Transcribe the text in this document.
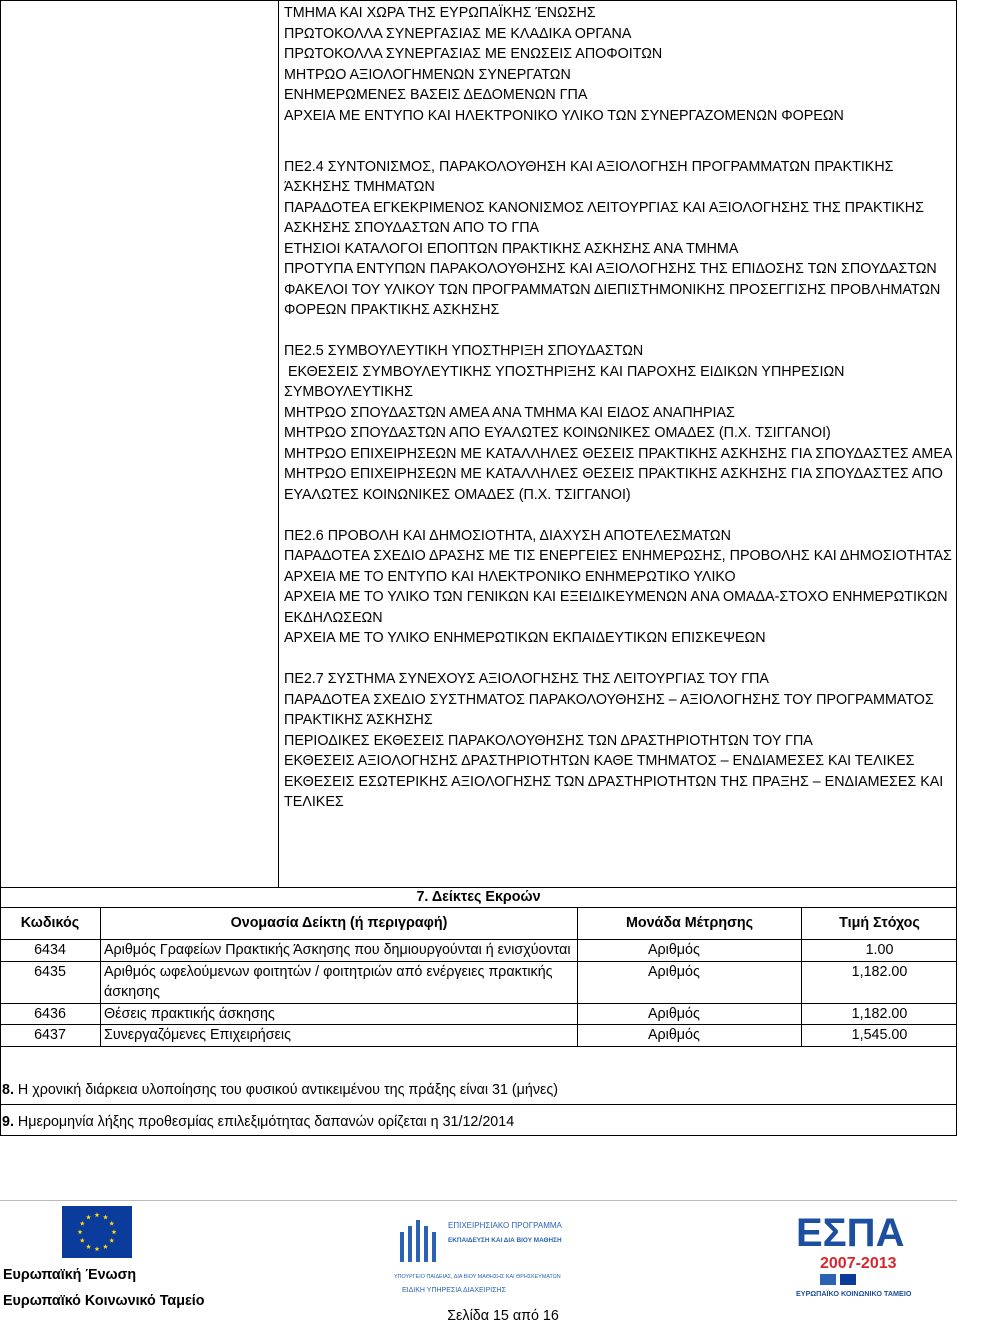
ΤΜΗΜΑ ΚΑΙ ΧΩΡΑ ΤΗΣ ΕΥΡΩΠΑΪΚΗΣ ΈΝΩΣΗΣ

ΠΡΩΤΟΚΟΛΛΑ ΣΥΝΕΡΓΑΣΙΑΣ ΜΕ ΚΛΑΔΙΚΑ ΟΡΓΑΝΑ

ΠΡΩΤΟΚΟΛΛΑ ΣΥΝΕΡΓΑΣΙΑΣ ΜΕ ΕΝΩΣΕΙΣ ΑΠΟΦΟΙΤΩΝ

ΜΗΤΡΩΟ ΑΞΙΟΛΟΓΗΜΕΝΩΝ ΣΥΝΕΡΓΑΤΩΝ

ΕΝΗΜΕΡΩΜΕΝΕΣ ΒΑΣΕΙΣ ΔΕΔΟΜΕΝΩΝ ΓΠΑ

ΑΡΧΕΙΑ ΜΕ ΕΝΤΥΠΟ ΚΑΙ ΗΛΕΚΤΡΟΝΙΚΟ ΥΛΙΚΟ ΤΩΝ ΣΥΝΕΡΓΑΖΟΜΕΝΩΝ ΦΟΡΕΩΝ

ΠΕ2.4 ΣΥΝΤΟΝΙΣΜΟΣ, ΠΑΡΑΚΟΛΟΥΘΗΣΗ ΚΑΙ ΑΞΙΟΛΟΓΗΣΗ ΠΡΟΓΡΑΜΜΑΤΩΝ ΠΡΑΚΤΙΚΗΣ ΆΣΚΗΣΗΣ ΤΜΗΜΑΤΩΝ

ΠΑΡΑΔΟΤΕΑ ΕΓΚΕΚΡΙΜΕΝΟΣ ΚΑΝΟΝΙΣΜΟΣ ΛΕΙΤΟΥΡΓΙΑΣ ΚΑΙ ΑΞΙΟΛΟΓΗΣΗΣ ΤΗΣ ΠΡΑΚΤΙΚΗΣ ΑΣΚΗΣΗΣ ΣΠΟΥΔΑΣΤΩΝ ΑΠΟ ΤΟ ΓΠΑ

ΕΤΗΣΙΟΙ ΚΑΤΑΛΟΓΟΙ ΕΠΟΠΤΩΝ ΠΡΑΚΤΙΚΗΣ ΑΣΚΗΣΗΣ ΑΝΑ ΤΜΗΜΑ

ΠΡΟΤΥΠΑ ΕΝΤΥΠΩΝ ΠΑΡΑΚΟΛΟΥΘΗΣΗΣ ΚΑΙ ΑΞΙΟΛΟΓΗΣΗΣ ΤΗΣ ΕΠΙΔΟΣΗΣ ΤΩΝ ΣΠΟΥΔΑΣΤΩΝ

ΦΑΚΕΛΟΙ ΤΟΥ ΥΛΙΚΟΥ ΤΩΝ ΠΡΟΓΡΑΜΜΑΤΩΝ ΔΙΕΠΙΣΤΗΜΟΝΙΚΗΣ ΠΡΟΣΕΓΓΙΣΗΣ ΠΡΟΒΛΗΜΑΤΩΝ ΦΟΡΕΩΝ ΠΡΑΚΤΙΚΗΣ ΑΣΚΗΣΗΣ

ΠΕ2.5 ΣΥΜΒΟΥΛΕΥΤΙΚΗ ΥΠΟΣΤΗΡΙΞΗ ΣΠΟΥΔΑΣΤΩΝ

ΕΚΘΕΣΕΙΣ ΣΥΜΒΟΥΛΕΥΤΙΚΗΣ ΥΠΟΣΤΗΡΙΞΗΣ ΚΑΙ ΠΑΡΟΧΗΣ ΕΙΔΙΚΩΝ ΥΠΗΡΕΣΙΩΝ ΣΥΜΒΟΥΛΕΥΤΙΚΗΣ

ΜΗΤΡΩΟ ΣΠΟΥΔΑΣΤΩΝ ΑΜΕΑ ΑΝΑ ΤΜΗΜΑ ΚΑΙ ΕΙΔΟΣ ΑΝΑΠΗΡΙΑΣ

ΜΗΤΡΩΟ ΣΠΟΥΔΑΣΤΩΝ ΑΠΟ ΕΥΑΛΩΤΕΣ ΚΟΙΝΩΝΙΚΕΣ ΟΜΑΔΕΣ (Π.Χ. ΤΣΙΓΓΑΝΟΙ)

ΜΗΤΡΩΟ ΕΠΙΧΕΙΡΗΣΕΩΝ ΜΕ ΚΑΤΑΛΛΗΛΕΣ ΘΕΣΕΙΣ ΠΡΑΚΤΙΚΗΣ ΑΣΚΗΣΗΣ ΓΙΑ ΣΠΟΥΔΑΣΤΕΣ ΑΜΕΑ

ΜΗΤΡΩΟ ΕΠΙΧΕΙΡΗΣΕΩΝ ΜΕ ΚΑΤΑΛΛΗΛΕΣ ΘΕΣΕΙΣ ΠΡΑΚΤΙΚΗΣ ΑΣΚΗΣΗΣ ΓΙΑ ΣΠΟΥΔΑΣΤΕΣ ΑΠΟ ΕΥΑΛΩΤΕΣ ΚΟΙΝΩΝΙΚΕΣ ΟΜΑΔΕΣ (Π.Χ. ΤΣΙΓΓΑΝΟΙ)

ΠΕ2.6 ΠΡΟΒΟΛΗ ΚΑΙ ΔΗΜΟΣΙΟΤΗΤΑ, ΔΙΑΧΥΣΗ ΑΠΟΤΕΛΕΣΜΑΤΩΝ

ΠΑΡΑΔΟΤΕΑ ΣΧΕΔΙΟ ΔΡΑΣΗΣ ΜΕ ΤΙΣ ΕΝΕΡΓΕΙΕΣ ΕΝΗΜΕΡΩΣΗΣ, ΠΡΟΒΟΛΗΣ ΚΑΙ ΔΗΜΟΣΙΟΤΗΤΑΣ

ΑΡΧΕΙΑ ΜΕ ΤΟ ΕΝΤΥΠΟ ΚΑΙ ΗΛΕΚΤΡΟΝΙΚΟ ΕΝΗΜΕΡΩΤΙΚΟ ΥΛΙΚΟ

ΑΡΧΕΙΑ ΜΕ ΤΟ ΥΛΙΚΟ ΤΩΝ ΓΕΝΙΚΩΝ ΚΑΙ ΕΞΕΙΔΙΚΕΥΜΕΝΩΝ ΑΝΑ ΟΜΑΔΑ-ΣΤΟΧΟ ΕΝΗΜΕΡΩΤΙΚΩΝ ΕΚΔΗΛΩΣΕΩΝ

ΑΡΧΕΙΑ ΜΕ ΤΟ ΥΛΙΚΟ ΕΝΗΜΕΡΩΤΙΚΩΝ ΕΚΠΑΙΔΕΥΤΙΚΩΝ ΕΠΙΣΚΕΨΕΩΝ

ΠΕ2.7 ΣΥΣΤΗΜΑ ΣΥΝΕΧΟΥΣ ΑΞΙΟΛΟΓΗΣΗΣ ΤΗΣ ΛΕΙΤΟΥΡΓΙΑΣ ΤΟΥ ΓΠΑ

ΠΑΡΑΔΟΤΕΑ ΣΧΕΔΙΟ ΣΥΣΤΗΜΑΤΟΣ ΠΑΡΑΚΟΛΟΥΘΗΣΗΣ – ΑΞΙΟΛΟΓΗΣΗΣ ΤΟΥ ΠΡΟΓΡΑΜΜΑΤΟΣ ΠΡΑΚΤΙΚΗΣ ΆΣΚΗΣΗΣ

ΠΕΡΙΟΔΙΚΕΣ ΕΚΘΕΣΕΙΣ ΠΑΡΑΚΟΛΟΥΘΗΣΗΣ ΤΩΝ ΔΡΑΣΤΗΡΙΟΤΗΤΩΝ ΤΟΥ ΓΠΑ

ΕΚΘΕΣΕΙΣ ΑΞΙΟΛΟΓΗΣΗΣ ΔΡΑΣΤΗΡΙΟΤΗΤΩΝ ΚΑΘΕ ΤΜΗΜΑΤΟΣ – ΕΝΔΙΑΜΕΣΕΣ ΚΑΙ ΤΕΛΙΚΕΣ

ΕΚΘΕΣΕΙΣ ΕΣΩΤΕΡΙΚΗΣ ΑΞΙΟΛΟΓΗΣΗΣ ΤΩΝ ΔΡΑΣΤΗΡΙΟΤΗΤΩΝ ΤΗΣ ΠΡΑΞΗΣ – ΕΝΔΙΑΜΕΣΕΣ ΚΑΙ ΤΕΛΙΚΕΣ

7. Δείκτες Εκροών
Κωδικός	Ονομασία Δείκτη (ή περιγραφή)	Μονάδα Μέτρησης	Τιμή Στόχος
6434	Αριθμός Γραφείων Πρακτικής Άσκησης που δημιουργούνται ή ενισχύονται	Αριθμός	1.00
6435	Αριθμός ωφελούμενων φοιτητών / φοιτητριών από ενέργειες πρακτικής άσκησης	Αριθμός	1,182.00
6436	Θέσεις πρακτικής άσκησης	Αριθμός	1,182.00
6437	Συνεργαζόμενες Επιχειρήσεις	Αριθμός	1,545.00
8. Η χρονική διάρκεια υλοποίησης του φυσικού αντικειμένου της πράξης είναι 31 (μήνες)
9. Ημερομηνία λήξης προθεσμίας επιλεξιμότητας δαπανών ορίζεται η 31/12/2014
Ευρωπαϊκή Ένωση
Ευρωπαϊκό Κοινωνικό Ταμείο
ΕΠΙΧΕΙΡΗΣΙΑΚΟ ΠΡΟΓΡΑΜΜΑ
ΕΚΠΑΙΔΕΥΣΗ ΚΑΙ ΔΙΑ ΒΙΟΥ ΜΑΘΗΣΗ
ΥΠΟΥΡΓΕΙΟ ΠΑΙΔΕΙΑΣ, ΔΙΑ ΒΙΟΥ ΜΑΘΗΣΗΣ ΚΑΙ ΘΡΗΣΚΕΥΜΑΤΩΝ
ΕΙΔΙΚΗ ΥΠΗΡΕΣΙΑ ΔΙΑΧΕΙΡΙΣΗΣ
ΕΣΠΑ
2007-2013
ΕΥΡΩΠΑΪΚΟ ΚΟΙΝΩΝΙΚΟ ΤΑΜΕΙΟ
Σελίδα 15 από 16
